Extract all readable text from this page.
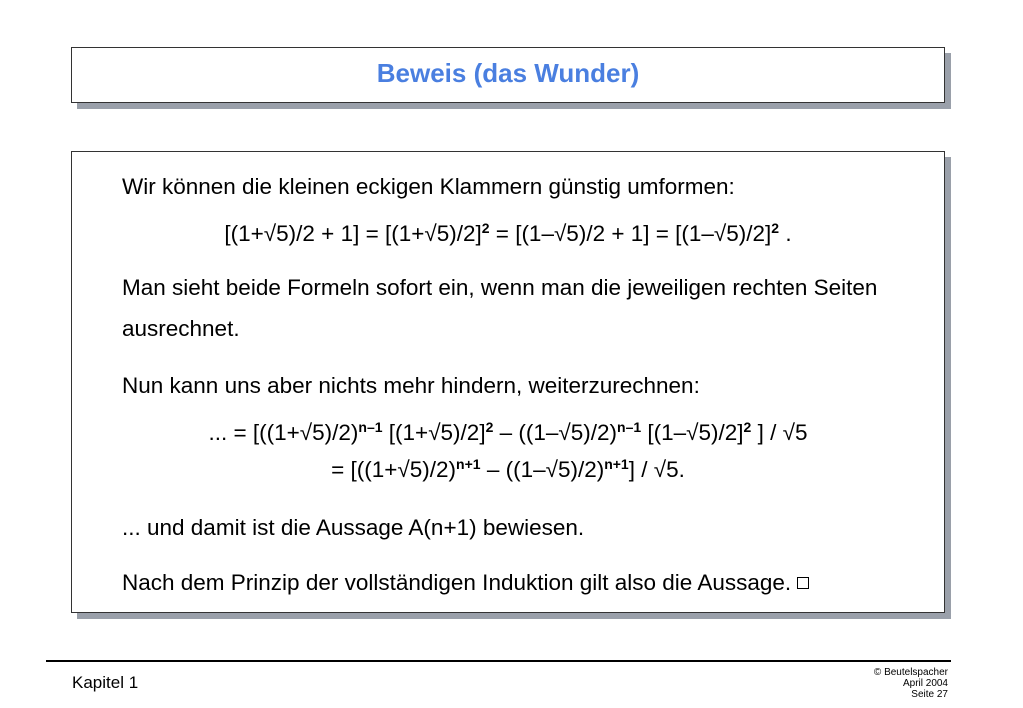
Beweis (das Wunder)
Wir können die kleinen eckigen Klammern günstig umformen:
$[(1+√5)/2 + 1] = [(1+√5)/2]^2 = [(1-√5)/2 + 1] = [(1-√5)/2]^2$ .
Man sieht beide Formeln sofort ein, wenn man die jeweiligen rechten Seiten ausrechnet.
Nun kann uns aber nichts mehr hindern, weiterzurechnen:
... = [$((1+√5)/2)^{n-1}$ $[(1+√5)/2]^2 - ((1-√5)/2)^{n-1}$ $[(1-√5)/2]^2$ ] / √5
= $[((1+√5)/2)^{n+1} - ((1-√5)/2)^{n+1}] / √5$.
... und damit ist die Aussage A(n+1) bewiesen.
Nach dem Prinzip der vollständigen Induktion gilt also die Aussage.
Kapitel 1
© Beutelspacher
April 2004
Seite 27
